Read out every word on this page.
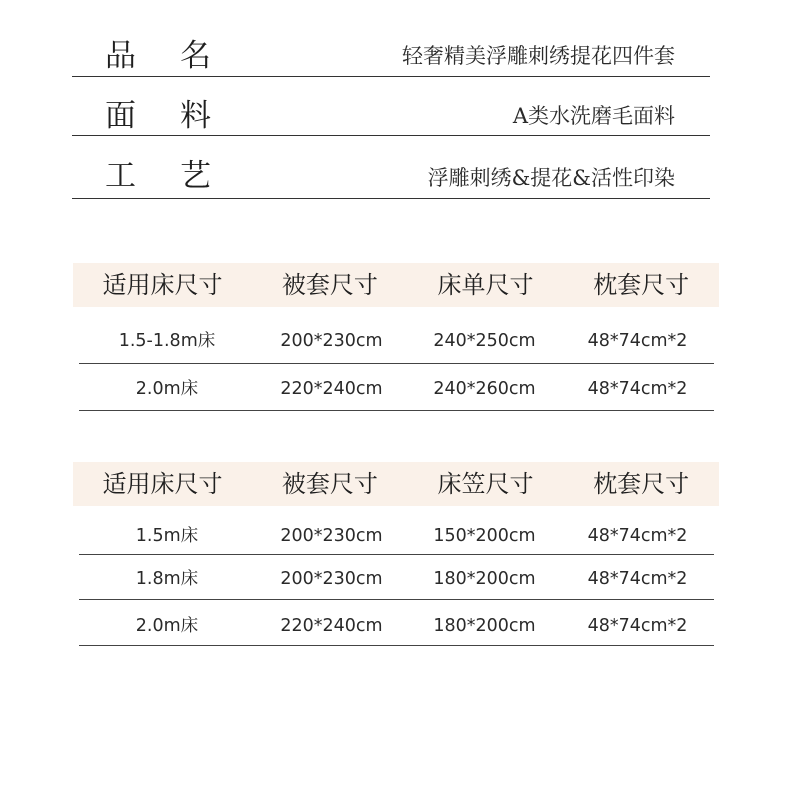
品 名	轻奢精美浮雕刺绣提花四件套
面 料	A类水洗磨毛面料
工 艺	浮雕刺绣&提花&活性印染
适用床尺寸	被套尺寸	床单尺寸	枕套尺寸
1.5-1.8m床	200*230cm	240*250cm	48*74cm*2
2.0m床	220*240cm	240*260cm	48*74cm*2
适用床尺寸	被套尺寸	床笠尺寸	枕套尺寸
1.5m床	200*230cm	150*200cm	48*74cm*2
1.8m床	200*230cm	180*200cm	48*74cm*2
2.0m床	220*240cm	180*200cm	48*74cm*2
